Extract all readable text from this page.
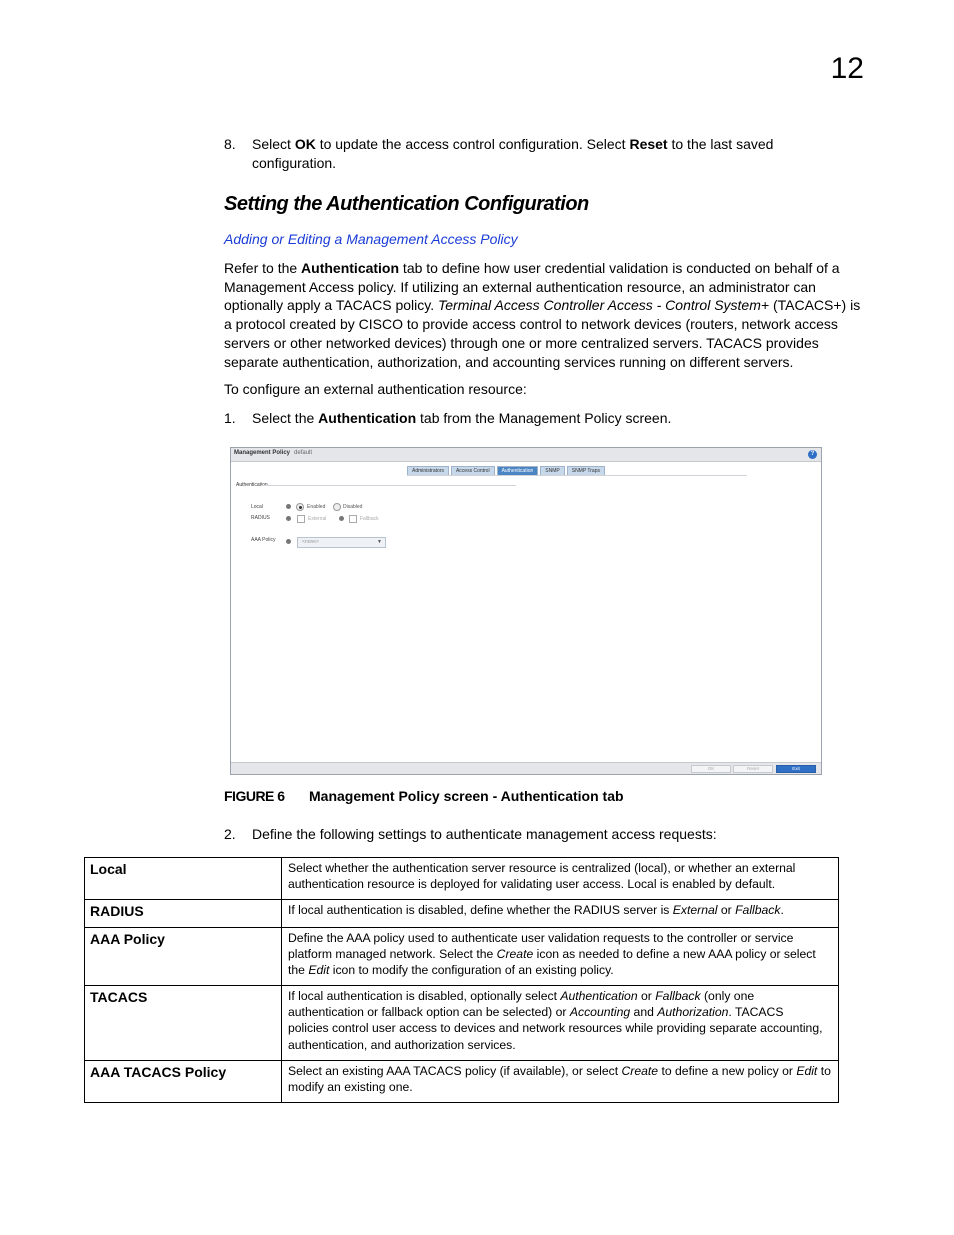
12
8. Select OK to update the access control configuration. Select Reset to the last saved
configuration.
Setting the Authentication Configuration
Adding or Editing a Management Access Policy
Refer to the Authentication tab to define how user credential validation is conducted on behalf of a
Management Access policy. If utilizing an external authentication resource, an administrator can
optionally apply a TACACS policy. Terminal Access Controller Access - Control System+ (TACACS+) is
a protocol created by CISCO to provide access control to network devices (routers, network access
servers or other networked devices) through one or more centralized servers. TACACS provides
separate authentication, authorization, and accounting services running on different servers.
To configure an external authentication resource:
1. Select the Authentication tab from the Management Policy screen.
Management Policy default	?
Administrators	Access Control	Authentication	SNMP	SNMP Traps
Authentication
Local	Enabled	Disabled
RADIUS	External	Fallback
AAA Policy	<none>	▼
OK	Reset	Exit
FIGURE 6 Management Policy screen - Authentication tab
2. Define the following settings to authenticate management access requests:
Local	Select whether the authentication server resource is centralized (local), or whether an external
authentication resource is deployed for validating user access. Local is enabled by default.
RADIUS	If local authentication is disabled, define whether the RADIUS server is External or Fallback.
AAA Policy	Define the AAA policy used to authenticate user validation requests to the controller or service
platform managed network. Select the Create icon as needed to define a new AAA policy or select
the Edit icon to modify the configuration of an existing policy.
TACACS	If local authentication is disabled, optionally select Authentication or Fallback (only one
authentication or fallback option can be selected) or Accounting and Authorization. TACACS
policies control user access to devices and network resources while providing separate accounting,
authentication, and authorization services.
AAA TACACS Policy	Select an existing AAA TACACS policy (if available), or select Create to define a new policy or Edit to
modify an existing one.
